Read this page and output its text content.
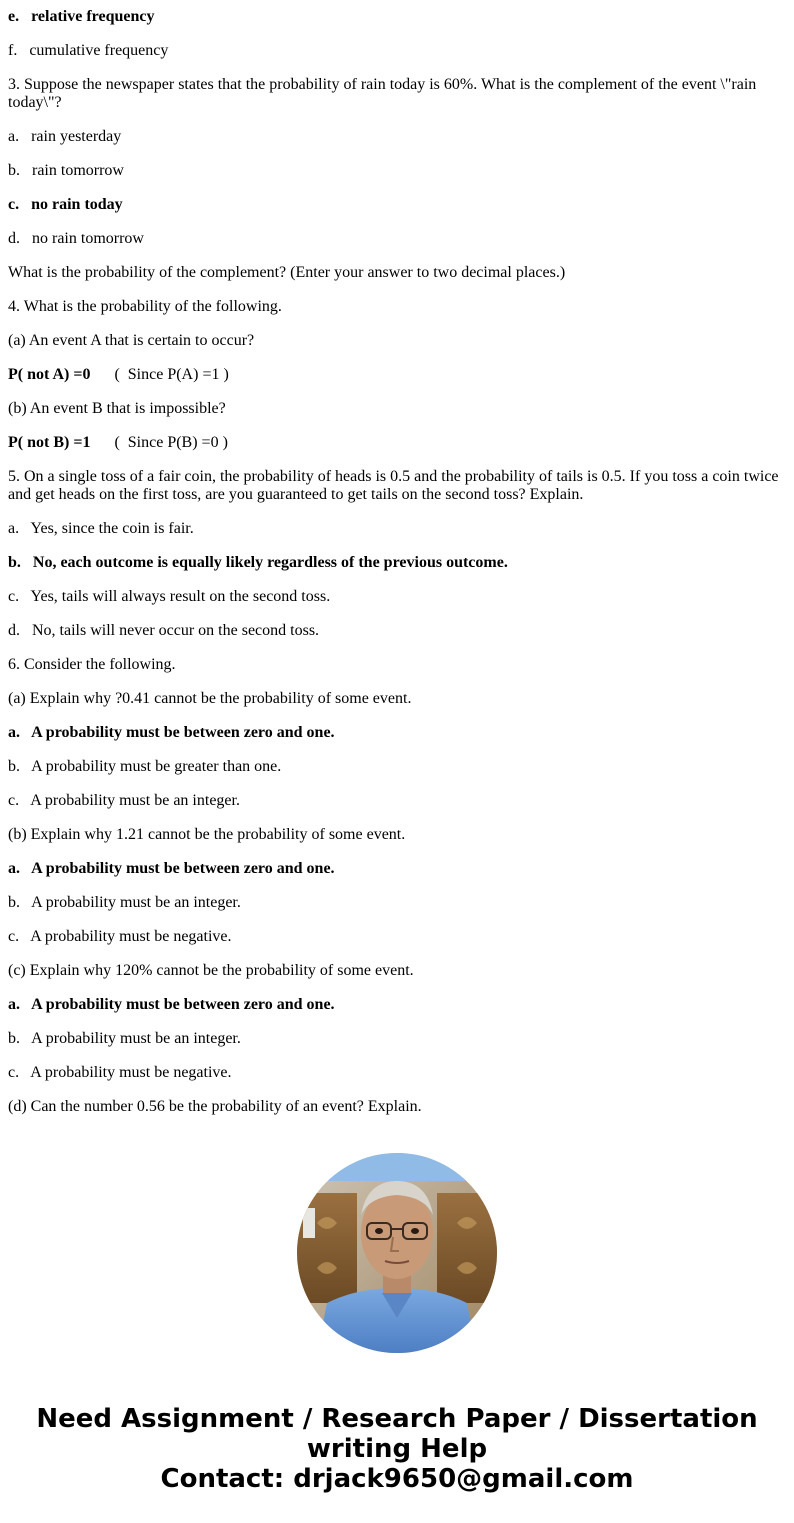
e.   relative frequency
f.   cumulative frequency
3. Suppose the newspaper states that the probability of rain today is 60%. What is the complement of the event \"rain today\"?
a.   rain yesterday
b.   rain tomorrow
c.   no rain today
d.   no rain tomorrow
What is the probability of the complement? (Enter your answer to two decimal places.)
4. What is the probability of the following.
(a) An event A that is certain to occur?
P( not A) =0      (  Since P(A) =1 )
(b) An event B that is impossible?
P( not B) =1      (  Since P(B) =0 )
5. On a single toss of a fair coin, the probability of heads is 0.5 and the probability of tails is 0.5. If you toss a coin twice and get heads on the first toss, are you guaranteed to get tails on the second toss? Explain.
a.   Yes, since the coin is fair.
b.   No, each outcome is equally likely regardless of the previous outcome.
c.   Yes, tails will always result on the second toss.
d.   No, tails will never occur on the second toss.
6. Consider the following.
(a) Explain why ?0.41 cannot be the probability of some event.
a.   A probability must be between zero and one.
b.   A probability must be greater than one.
c.   A probability must be an integer.
(b) Explain why 1.21 cannot be the probability of some event.
a.   A probability must be between zero and one.
b.   A probability must be an integer.
c.   A probability must be negative.
(c) Explain why 120% cannot be the probability of some event.
a.   A probability must be between zero and one.
b.   A probability must be an integer.
c.   A probability must be negative.
(d) Can the number 0.56 be the probability of an event? Explain.
Need Assignment / Research Paper / Dissertation
writing Help
Contact: drjack9650@gmail.com
